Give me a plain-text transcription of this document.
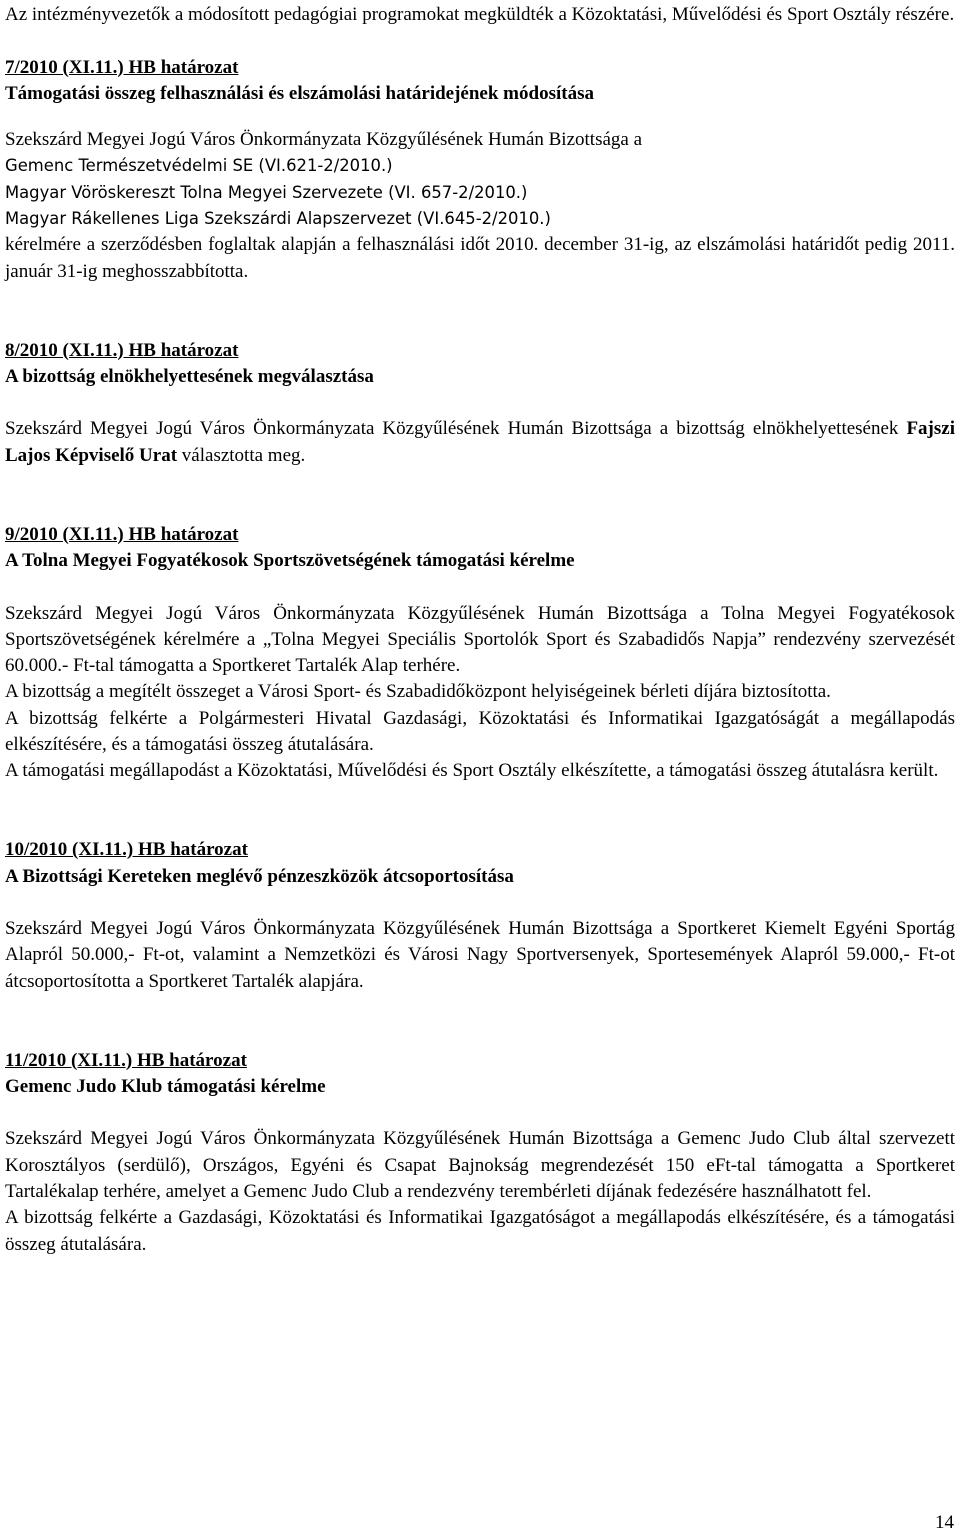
Az intézményvezetők a módosított pedagógiai programokat megküldték a Közoktatási, Művelődési és Sport Osztály részére.

7/2010 (XI.11.) HB határozat

Támogatási összeg felhasználási és elszámolási határidejének módosítása

Szekszárd Megyei Jogú Város Önkormányzata Közgyűlésének Humán Bizottsága a

Gemenc Természetvédelmi SE (VI.621-2/2010.)

Magyar Vöröskereszt Tolna Megyei Szervezete (VI. 657-2/2010.)

Magyar Rákellenes Liga Szekszárdi Alapszervezet (VI.645-2/2010.)

kérelmére a szerződésben foglaltak alapján a felhasználási időt 2010. december 31-ig, az elszámolási határidőt pedig 2011. január 31-ig meghosszabbította.

8/2010 (XI.11.) HB határozat

A bizottság elnökhelyettesének megválasztása

Szekszárd Megyei Jogú Város Önkormányzata Közgyűlésének Humán Bizottsága a bizottság elnökhelyettesének Fajszi Lajos Képviselő Urat választotta meg.

9/2010 (XI.11.) HB határozat

A Tolna Megyei Fogyatékosok Sportszövetségének támogatási kérelme

Szekszárd Megyei Jogú Város Önkormányzata Közgyűlésének Humán Bizottsága a Tolna Megyei Fogyatékosok Sportszövetségének kérelmére a „Tolna Megyei Speciális Sportolók Sport és Szabadidős Napja” rendezvény szervezését 60.000.- Ft-tal támogatta a Sportkeret Tartalék Alap terhére.

A bizottság a megítélt összeget a Városi Sport- és Szabadidőközpont helyiségeinek bérleti díjára biztosította.

A bizottság felkérte a Polgármesteri Hivatal Gazdasági, Közoktatási és Informatikai Igazgatóságát a megállapodás elkészítésére, és a támogatási összeg átutalására.

A támogatási megállapodást a Közoktatási, Művelődési és Sport Osztály elkészítette, a támogatási összeg átutalásra került.

10/2010 (XI.11.) HB határozat

A Bizottsági Kereteken meglévő pénzeszközök átcsoportosítása

Szekszárd Megyei Jogú Város Önkormányzata Közgyűlésének Humán Bizottsága a Sportkeret Kiemelt Egyéni Sportág Alapról 50.000,- Ft-ot, valamint a Nemzetközi és Városi Nagy Sportversenyek, Sportesemények Alapról 59.000,- Ft-ot átcsoportosította a Sportkeret Tartalék alapjára.

11/2010 (XI.11.) HB határozat

Gemenc Judo Klub támogatási kérelme

Szekszárd Megyei Jogú Város Önkormányzata Közgyűlésének Humán Bizottsága a Gemenc Judo Club által szervezett Korosztályos (serdülő), Országos, Egyéni és Csapat Bajnokság megrendezését 150 eFt-tal támogatta a Sportkeret Tartalékalap terhére, amelyet a Gemenc Judo Club a rendezvény terembérleti díjának fedezésére használhatott fel.

A bizottság felkérte a Gazdasági, Közoktatási és Informatikai Igazgatóságot a megállapodás elkészítésére, és a támogatási összeg átutalására.

14
